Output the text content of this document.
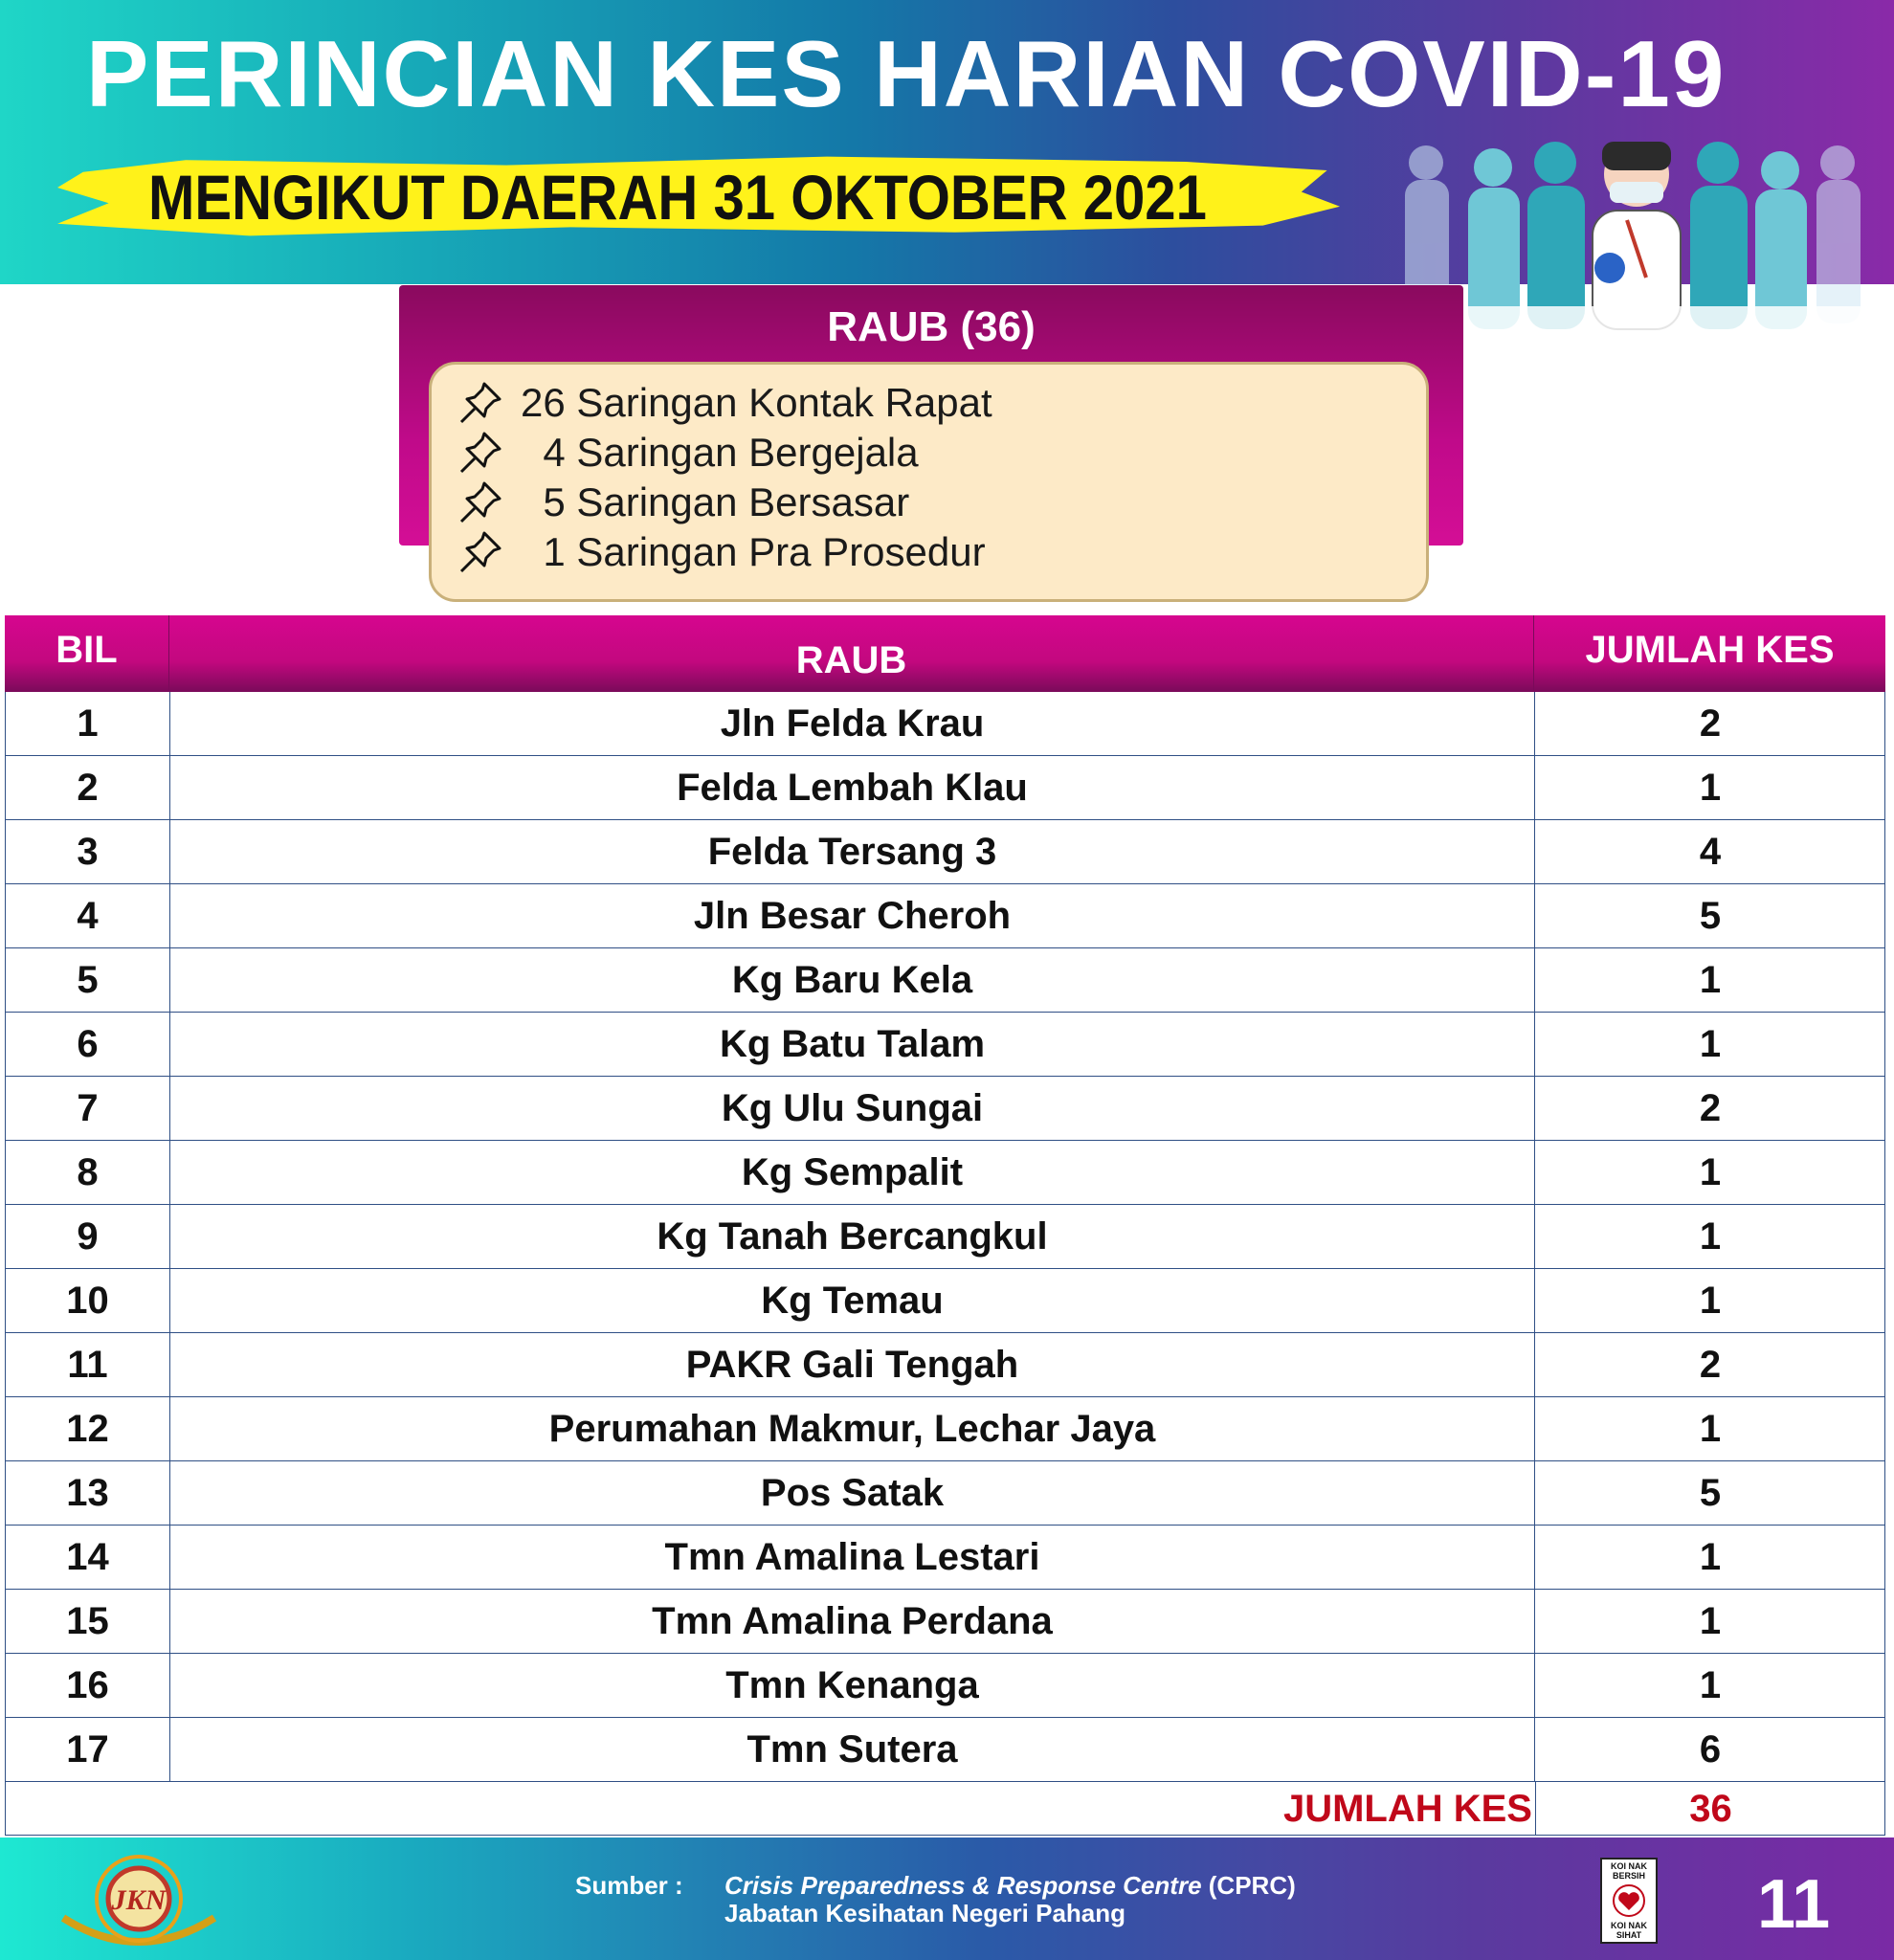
PERINCIAN KES HARIAN COVID-19
MENGIKUT DAERAH 31 OKTOBER 2021
RAUB (36)
26 Saringan Kontak Rapat
4 Saringan Bergejala
5 Saringan Bersasar
1 Saringan Pra Prosedur
BIL	RAUB	JUMLAH KES
1	Jln Felda Krau	2
2	Felda Lembah Klau	1
3	Felda Tersang 3	4
4	Jln Besar Cheroh	5
5	Kg Baru Kela	1
6	Kg Batu Talam	1
7	Kg Ulu Sungai	2
8	Kg Sempalit	1
9	Kg Tanah Bercangkul	1
10	Kg Temau	1
11	PAKR Gali Tengah	2
12	Perumahan Makmur, Lechar Jaya	1
13	Pos Satak	5
14	Tmn Amalina Lestari	1
15	Tmn Amalina Perdana	1
16	Tmn Kenanga	1
17	Tmn Sutera	6
JUMLAH KES	36
JKN	Sumber : Crisis Preparedness & Response Centre (CPRC)
Jabatan Kesihatan Negeri Pahang
KOI NAK BERSIH
KOI NAK SIHAT 11
